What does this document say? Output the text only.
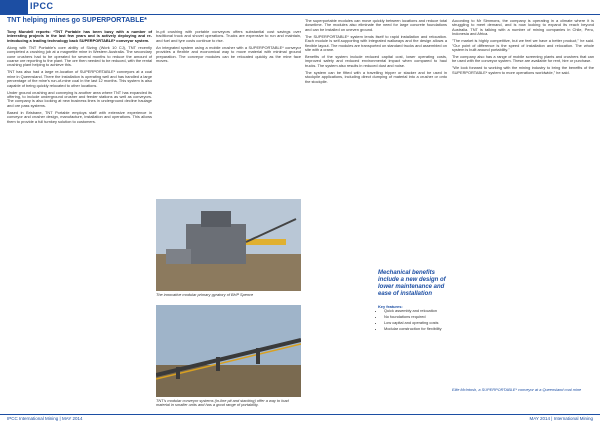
IPCC
TNT helping mines go SUPERPORTABLE*

Tony Mundell reports: *TNT Portable has been busy with a number of interesting projects in the last few years and is actively deploying and re-introducing a leading technology back SUPERPORTABLE* conveyor system.

Along with TNT Portable's core ability of Sizing (Work 10 CJ), TNT recently completed a crushing job at a magnetite mine in Western Australia. The secondary cone crushers had to be operated for several months to reduce the amount of coarse ore reporting to the plant. The ore then needed to be reduced, with the rental crushing plant helping to achieve this.

TNT has also had a large re-location of SUPERPORTABLE* conveyors at a coal mine in Queensland. There the installation is operating well and has handled a large percentage of the mine's run-of-mine coal in the last 12 months. This system is also capable of being quickly relocated to other locations.

Under ground crushing and conveying is another area where TNT has expanded its offering, to include underground crusher and feeder stations as well as conveyors. The company is also looking at new business lines in underground decline haulage and ore pass systems.

Based in Brisbane, TNT Portable employs staff with extensive experience in conveyor and crusher design, manufacture, installation and operations. This allows them to provide a full turnkey solution to customers.

In-pit crushing with portable conveyors offers substantial cost savings over traditional truck and shovel operations. Trucks are expensive to run and maintain, and fuel and tyre costs continue to rise.

An integrated system using a mobile crusher with a SUPERPORTABLE* conveyor provides a flexible and economical way to move material with minimal ground preparation. The conveyor modules can be relocated quickly as the mine face moves.

The innovative modular primary gyratory of BHP Spence
TNT's modular conveyor systems (in-line pit and stacking) offer a way to load material in smaller units and has a good range of portability.

The superportable modules can move quickly between locations and reduce total downtime. The modules also eliminate the need for large concrete foundations and can be installed on uneven ground.

The SUPERPORTABLE* system lends itself to rapid installation and relocation. Each module is self-supporting with integrated walkways and the design allows a flexible layout. The modules are transported on standard trucks and assembled on site with a crane.

Benefits of the system include reduced capital cost, lower operating costs, improved safety and reduced environmental impact when compared to haul trucks. The system also results in reduced dust and noise.

The system can be fitted with a travelling tripper or stacker and be used in stockpile applications, including direct dumping of material into a crusher or onto the stockpile.

Mechanical benefits include a new design of lower maintenance and ease of installation
Key features:
• Quick assembly and relocation
• No foundations required
• Low capital and operating costs
• Modular construction for flexibility

According to Mr Simmons, the company is operating in a climate where it is struggling to meet demand, and is now looking to expand its reach beyond Australia. TNT is talking with a number of mining companies in Chile, Peru, Indonesia and Africa.

"The market is highly competitive, but we feel we have a better product," he said. "Our point of difference is the speed of installation and relocation. The whole system is built around portability."

The company also has a range of mobile screening plants and crushers that can be used with the conveyor system. These are available for rent, hire or purchase.

"We look forward to working with the mining industry to bring the benefits of the SUPERPORTABLE* system to more operations worldwide," he said.

Ellie McIntosh, a SUPERPORTABLE* conveyor at a Queensland coal mine
IPCC International Mining | MAY 2014	MAY 2014 | International Mining
